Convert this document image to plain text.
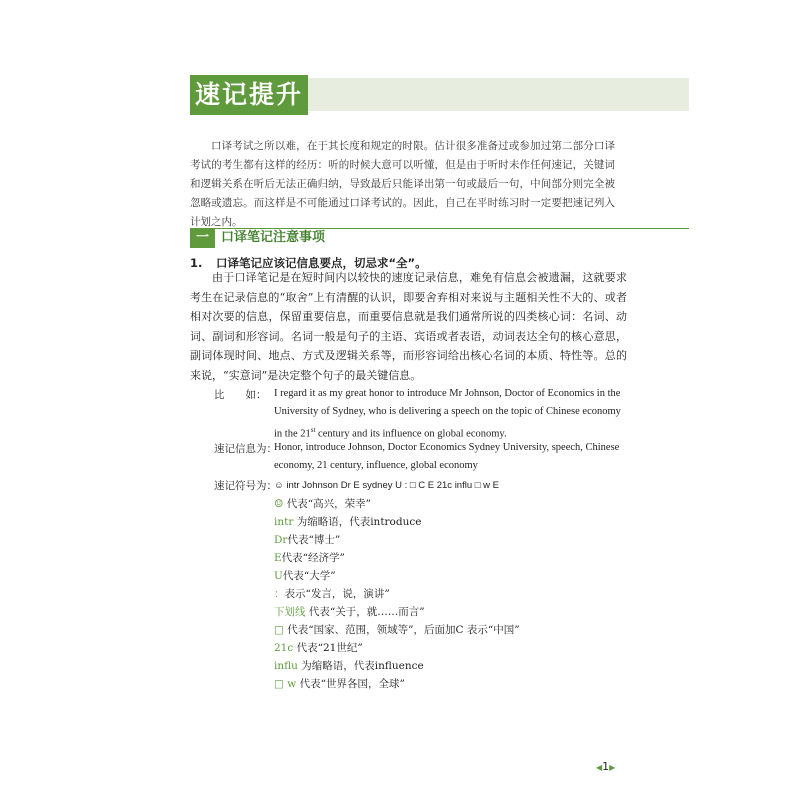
速记提升
口译考试之所以难，在于其长度和规定的时限。估计很多准备过或参加过第二部分口译考试的考生都有这样的经历：听的时候大意可以听懂，但是由于听时未作任何速记，关键词和逻辑关系在听后无法正确归纳，导致最后只能译出第一句或最后一句，中间部分则完全被忽略或遗忘。而这样是不可能通过口译考试的。因此，自己在平时练习时一定要把速记列入计划之内。
一 口译笔记注意事项
1. 口译笔记应该记信息要点，切忌求“全”。
由于口译笔记是在短时间内以较快的速度记录信息，难免有信息会被遗漏，这就要求考生在记录信息的“取舍”上有清醒的认识，即要舍弃相对来说与主题相关性不大的、或者相对次要的信息，保留重要信息，而重要信息就是我们通常所说的四类核心词：名词、动词、副词和形容词。名词一般是句子的主语、宾语或者表语，动词表达全句的核心意思，副词体现时间、地点、方式及逻辑关系等，而形容词给出核心名词的本质、特性等。总的来说，“实意词”是决定整个句子的最关键信息。
比　　如： I regard it as my great honor to introduce Mr Johnson, Doctor of Economics in the University of Sydney, who is delivering a speech on the topic of Chinese economy in the 21st century and its influence on global economy.
速记信息为：
Honor, introduce Johnson, Doctor Economics Sydney University, speech, Chinese economy, 21 century, influence, global economy
速记符号为：
☺ intr Johnson Dr E sydney U : □ C E 21c influ □ w E
☺ 代表“高兴，荣幸”
intr 为缩略语，代表introduce
Dr代表“博士”
E代表“经济学”
U代表“大学”
：表示“发言，说，演讲”
下划线 代表“关于，就……而言”
□ 代表“国家、范围，领域等”，后面加C 表示“中国”
21c 代表“21世纪”
influ 为缩略语，代表influence
□ w 代表“世界各国，全球”
◀1▶
